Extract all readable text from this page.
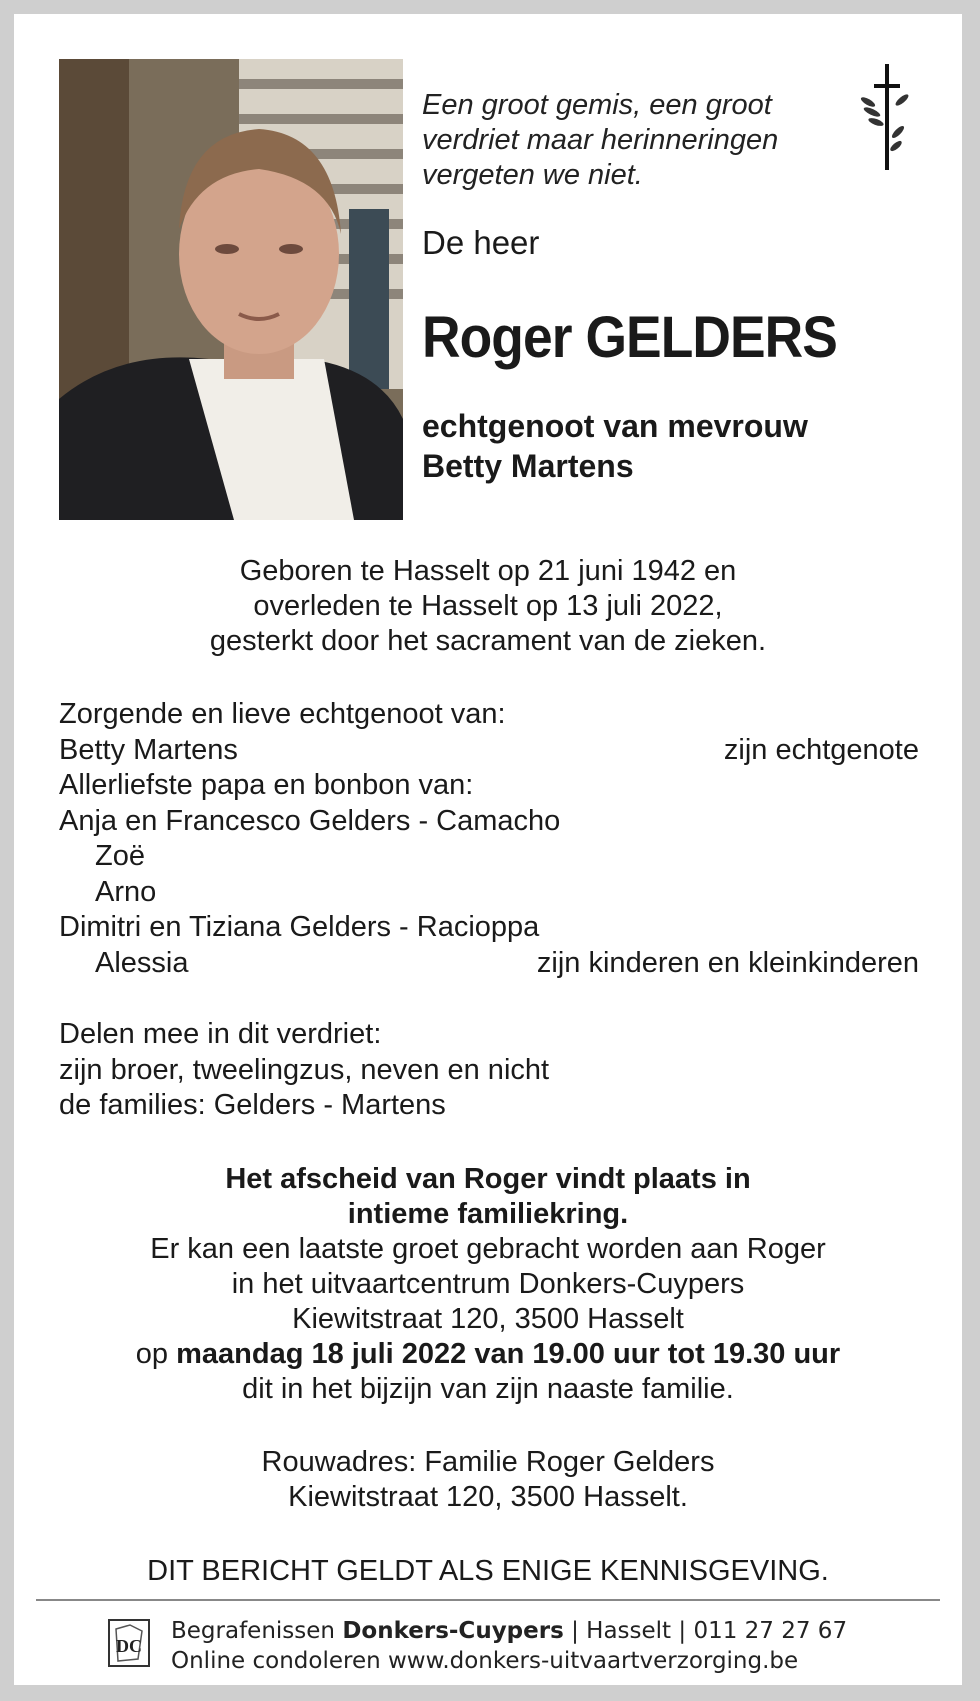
Een groot gemis, een groot
verdriet maar herinneringen
vergeten we niet.
De heer
Roger GELDERS
echtgenoot van mevrouw
Betty Martens
Geboren te Hasselt op 21 juni 1942 en
overleden te Hasselt op 13 juli 2022,
gesterkt door het sacrament van de zieken.
Zorgende en lieve echtgenoot van:
Betty Martens	zijn echtgenote
Allerliefste papa en bonbon van:
Anja en Francesco Gelders - Camacho
Zoë
Arno
Dimitri en Tiziana Gelders - Racioppa
Alessia	zijn kinderen en kleinkinderen
Delen mee in dit verdriet:
zijn broer, tweelingzus, neven en nicht
de families: Gelders - Martens
Het afscheid van Roger vindt plaats in
intieme familiekring.
Er kan een laatste groet gebracht worden aan Roger
in het uitvaartcentrum Donkers-Cuypers
Kiewitstraat 120, 3500 Hasselt
op maandag 18 juli 2022 van 19.00 uur tot 19.30 uur
dit in het bijzijn van zijn naaste familie.
Rouwadres: Familie Roger Gelders
Kiewitstraat 120, 3500 Hasselt.
DIT BERICHT GELDT ALS ENIGE KENNISGEVING.
DC
Begrafenissen Donkers-Cuypers | Hasselt | 011 27 27 67
Online condoleren www.donkers-uitvaartverzorging.be
